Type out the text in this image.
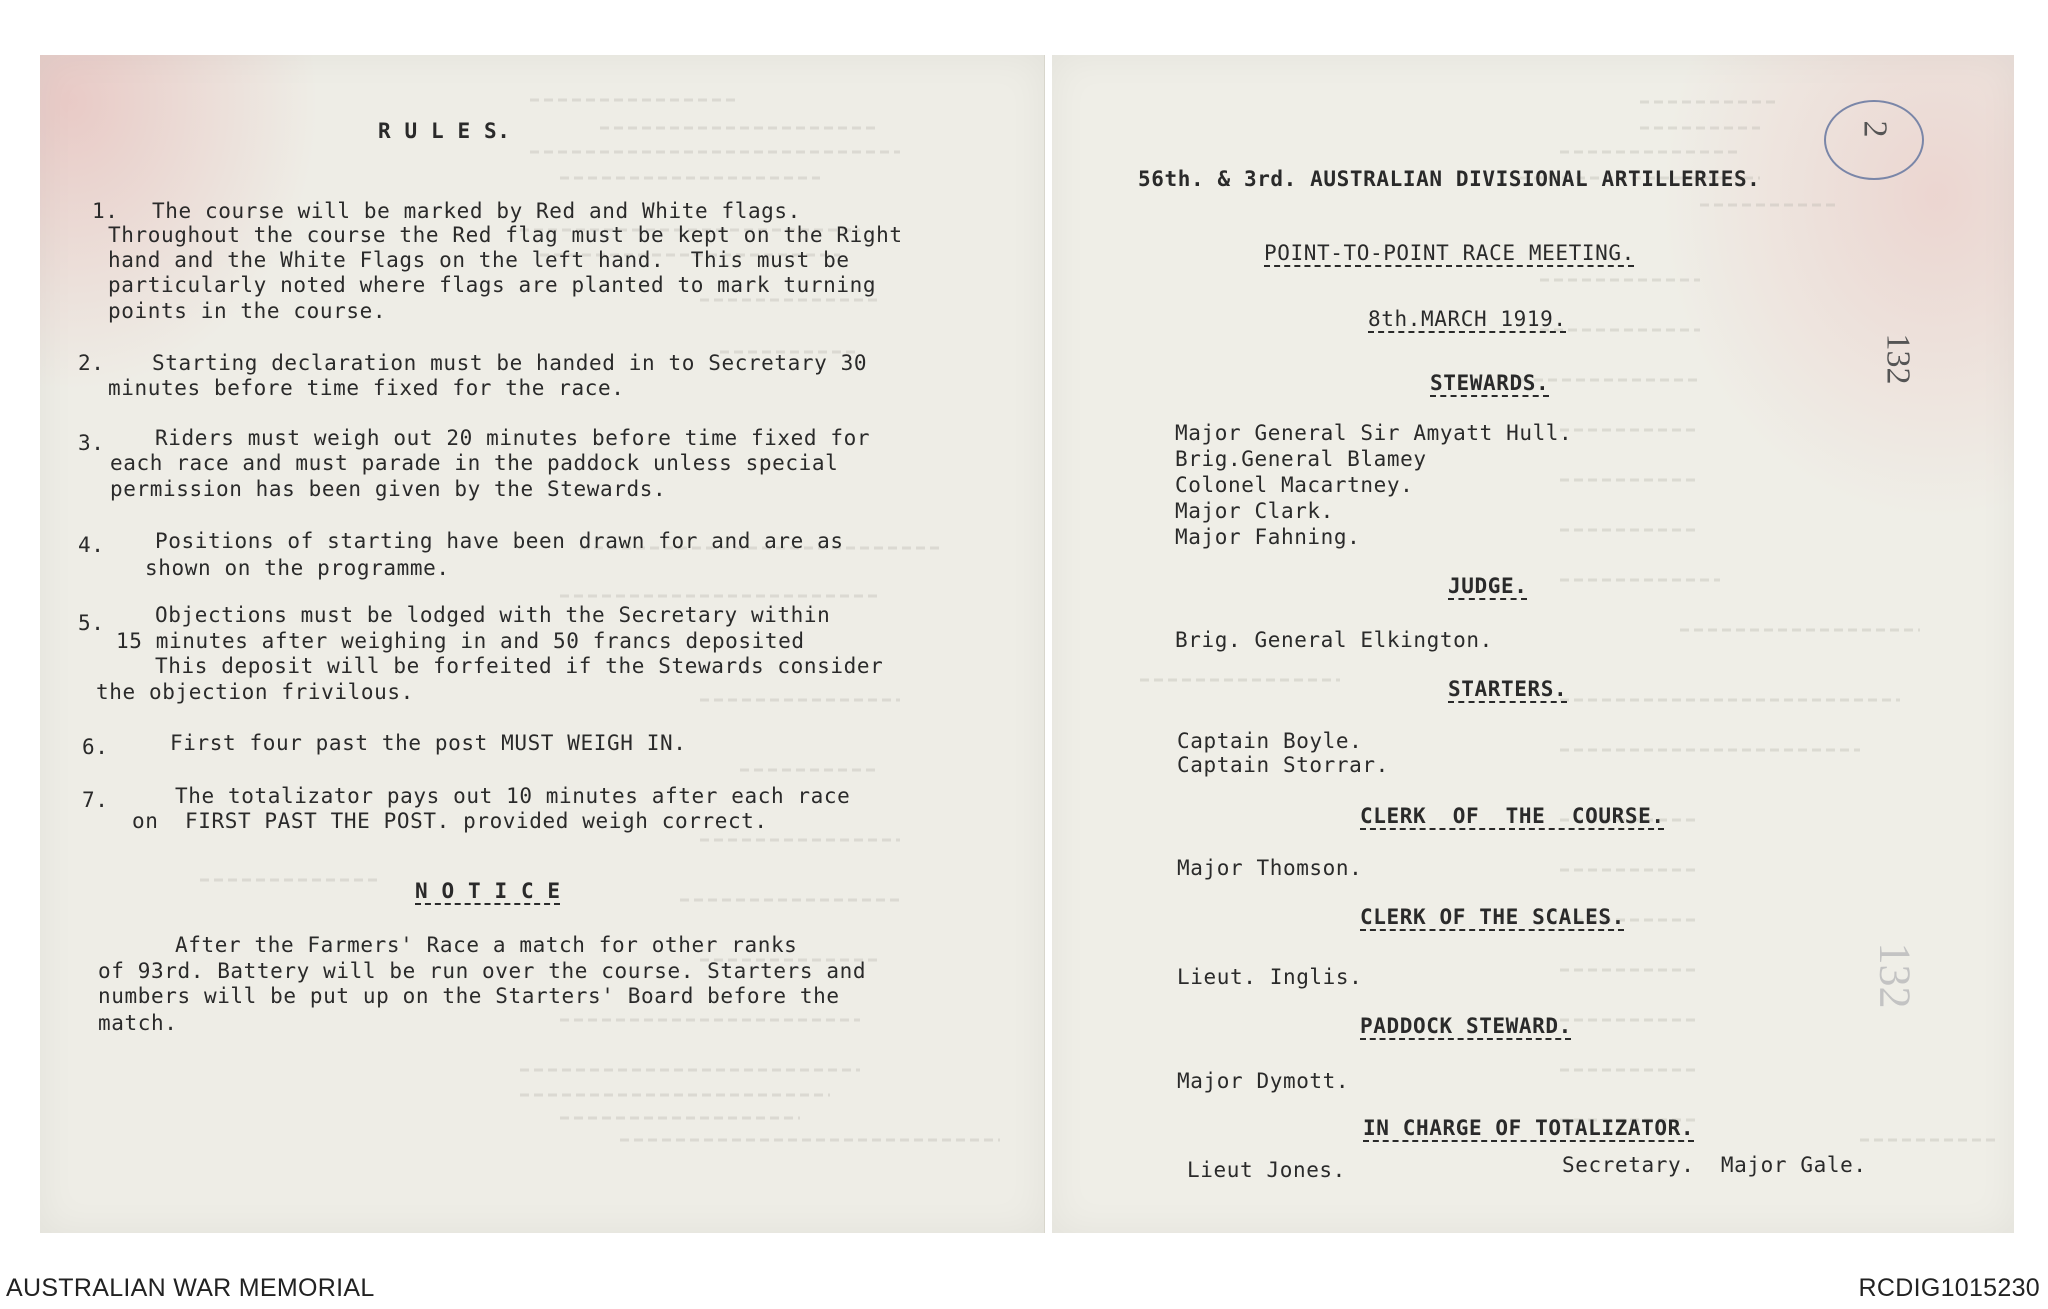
R U L E S.
1. The course will be marked by Red and White flags.
Throughout the course the Red flag must be kept on the Right
hand and the White Flags on the left hand.  This must be
particularly noted where flags are planted to mark turning
points in the course.
2. Starting declaration must be handed in to Secretary 30
minutes before time fixed for the race.
3. Riders must weigh out 20 minutes before time fixed for
each race and must parade in the paddock unless special
permission has been given by the Stewards.
4. Positions of starting have been drawn for and are as
shown on the programme.
5. Objections must be lodged with the Secretary within
15 minutes after weighing in and 50 francs deposited
This deposit will be forfeited if the Stewards consider
the objection frivilous.
6.	First four past the post MUST WEIGH IN.
7.	The totalizator pays out 10 minutes after each race
on  FIRST PAST THE POST. provided weigh correct.
N O T I C E
After the Farmers' Race a match for other ranks
of 93rd. Battery will be run over the course. Starters and
numbers will be put up on the Starters' Board before the
match.
56th. & 3rd. AUSTRALIAN DIVISIONAL ARTILLERIES.
POINT-TO-POINT RACE MEETING.
8th.MARCH 1919.
STEWARDS.
Major General Sir Amyatt Hull.
Brig.General Blamey
Colonel Macartney.
Major Clark.
Major Fahning.
JUDGE.
Brig. General Elkington.
STARTERS.
Captain Boyle.
Captain Storrar.
CLERK  OF  THE  COURSE.
Major Thomson.
CLERK OF THE SCALES.
Lieut. Inglis.
PADDOCK STEWARD.
Major Dymott.
IN CHARGE OF TOTALIZATOR.
Lieut Jones.	Secretary.  Major Gale.
2
132
132
AUSTRALIAN WAR MEMORIAL	RCDIG1015230
